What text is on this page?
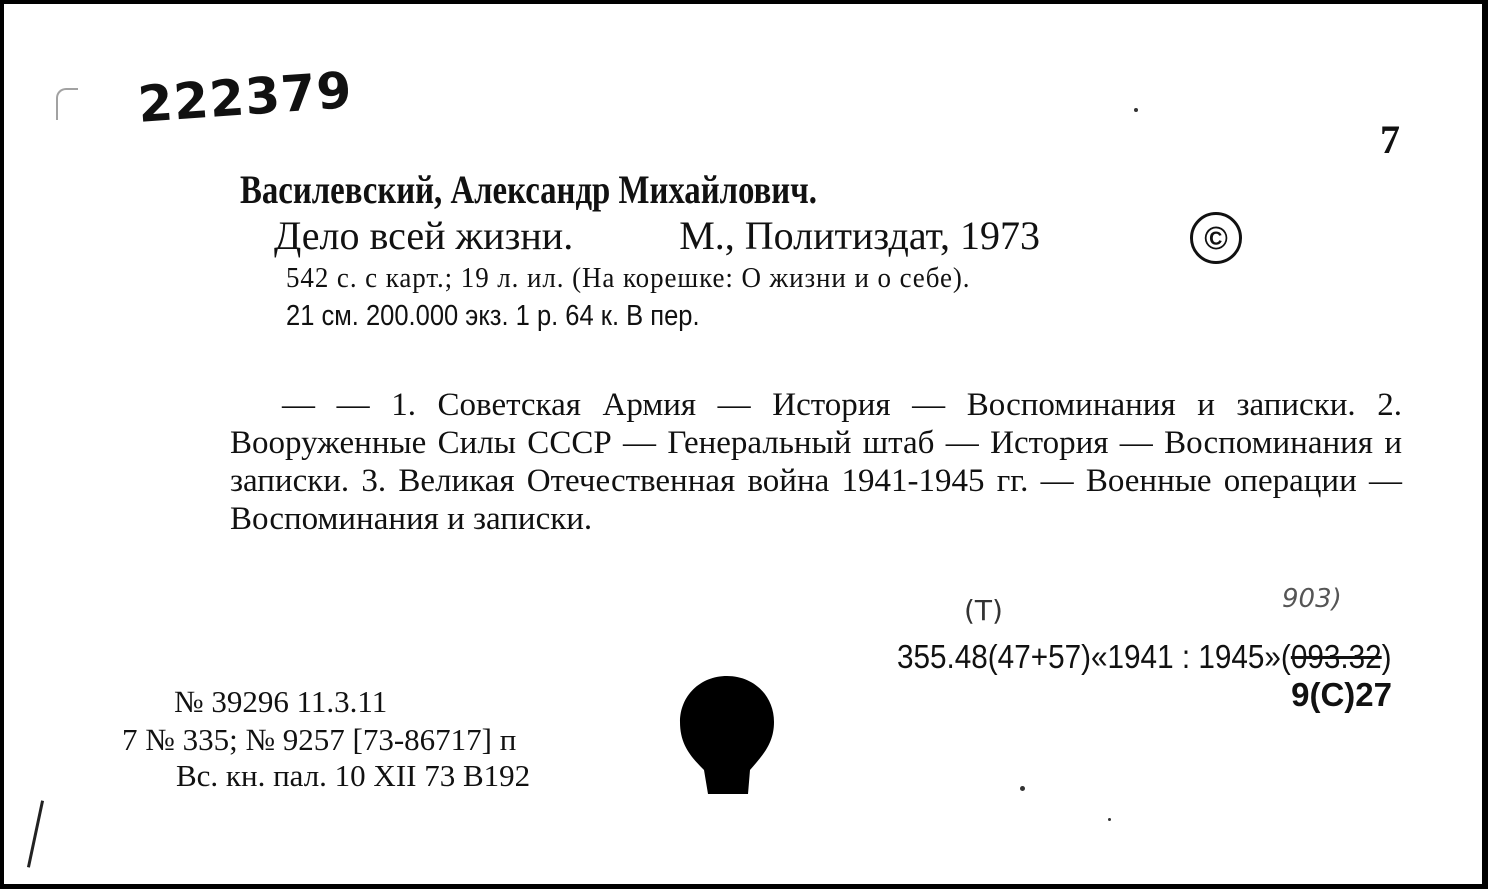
222379
7
Василевский, Александр Михайлович.
Дело всей жизни.	М., Политиздат, 1973	©
542 с. с карт.; 19 л. ил. (На корешке: О жизни и о себе).
21 см. 200.000 экз. 1 р. 64 к. В пер.
— — 1. Советская Армия — История — Воспоминания и записки. 2. Вооруженные Силы СССР — Генеральный штаб — История — Воспоминания и записки. 3. Великая Отечественная война 1941-1945 гг. — Военные операции — Воспоминания и записки.
(Т)	903)
355.48(47+57)«1941 : 1945»(093.32)
9(С)27
№ 39296 11.3.11
7 № 335; № 9257 [73-86717] п
Вс. кн. пал. 10 XII 73 В192
